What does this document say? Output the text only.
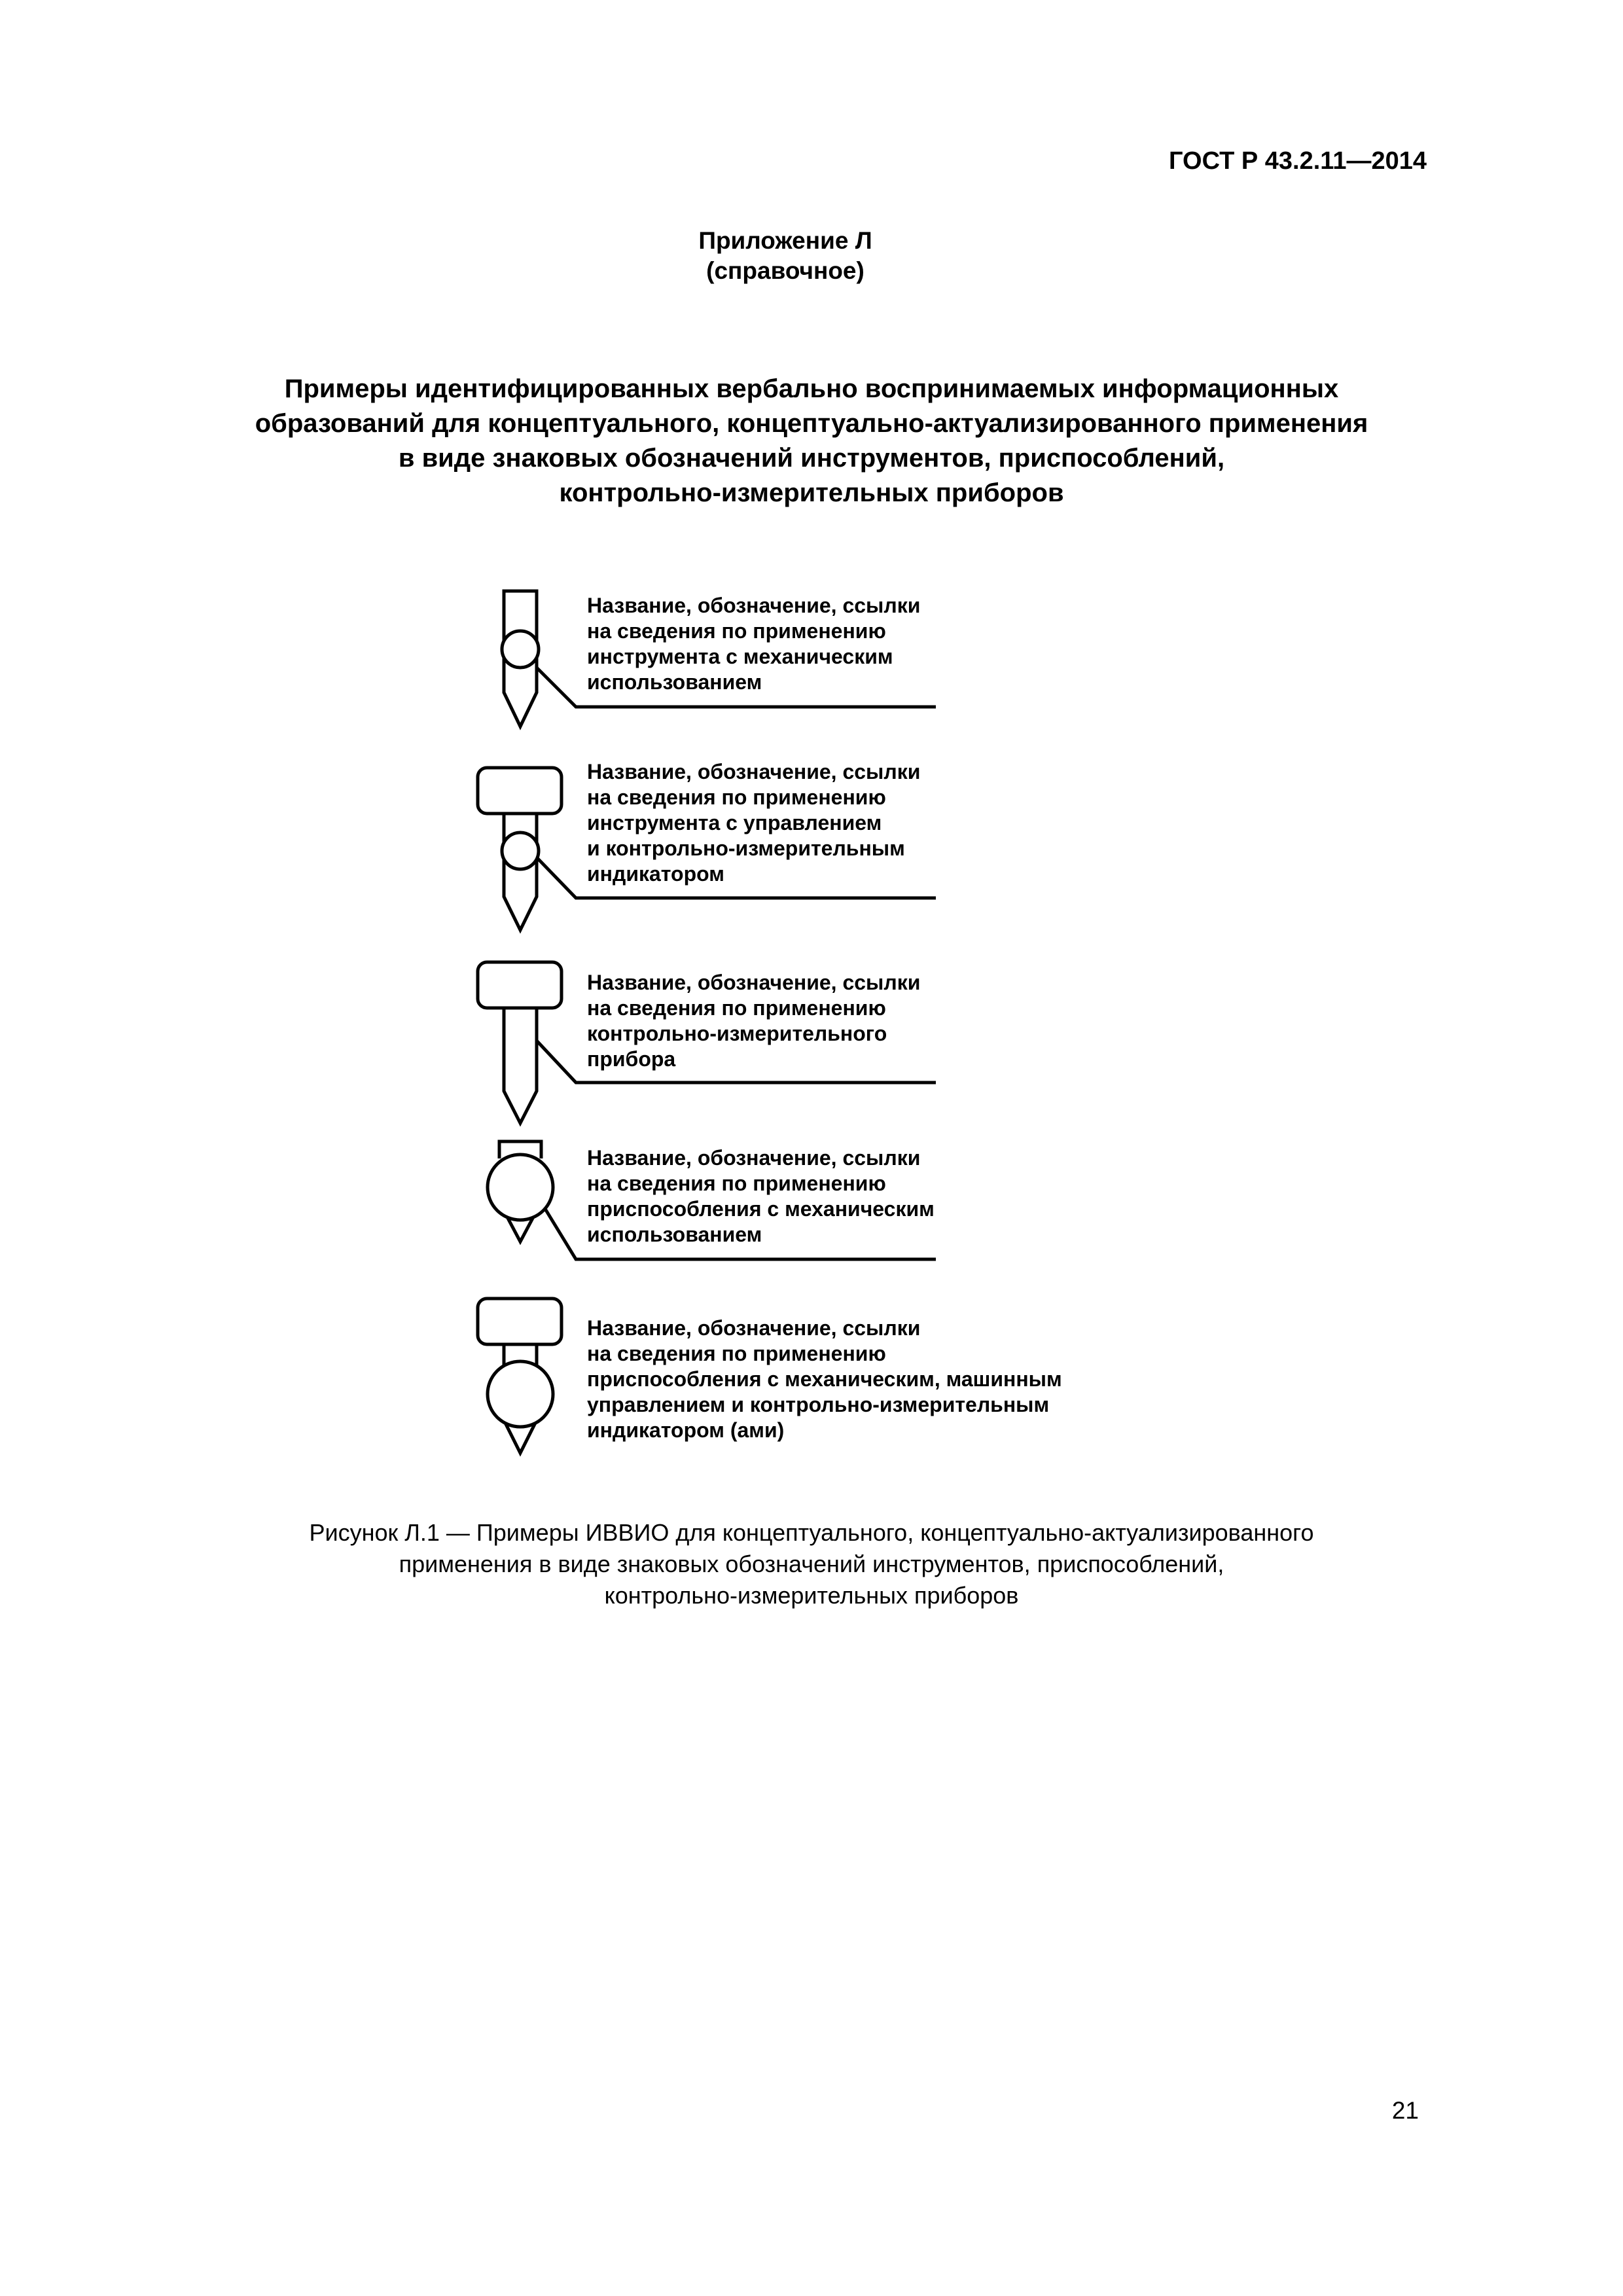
ГОСТ Р 43.2.11—2014
Приложение Л
(справочное)
Примеры идентифицированных вербально воспринимаемых информационных
образований для концептуального, концептуально-актуализированного применения
в виде знаковых обозначений инструментов, приспособлений,
контрольно-измерительных приборов
Название, обозначение, ссылки
на сведения по применению
инструмента с механическим
использованием
Название, обозначение, ссылки
на сведения по применению
инструмента с управлением
и контрольно-измерительным
индикатором
Название, обозначение, ссылки
на сведения по применению
контрольно-измерительного
прибора
Название, обозначение, ссылки
на сведения по применению
приспособления с механическим
использованием
Название, обозначение, ссылки
на сведения по применению
приспособления с механическим, машинным
управлением и контрольно-измерительным
индикатором (ами)
Рисунок Л.1 — Примеры ИВВИО для концептуального, концептуально-актуализированного
применения в виде знаковых обозначений инструментов, приспособлений,
контрольно-измерительных приборов
21
